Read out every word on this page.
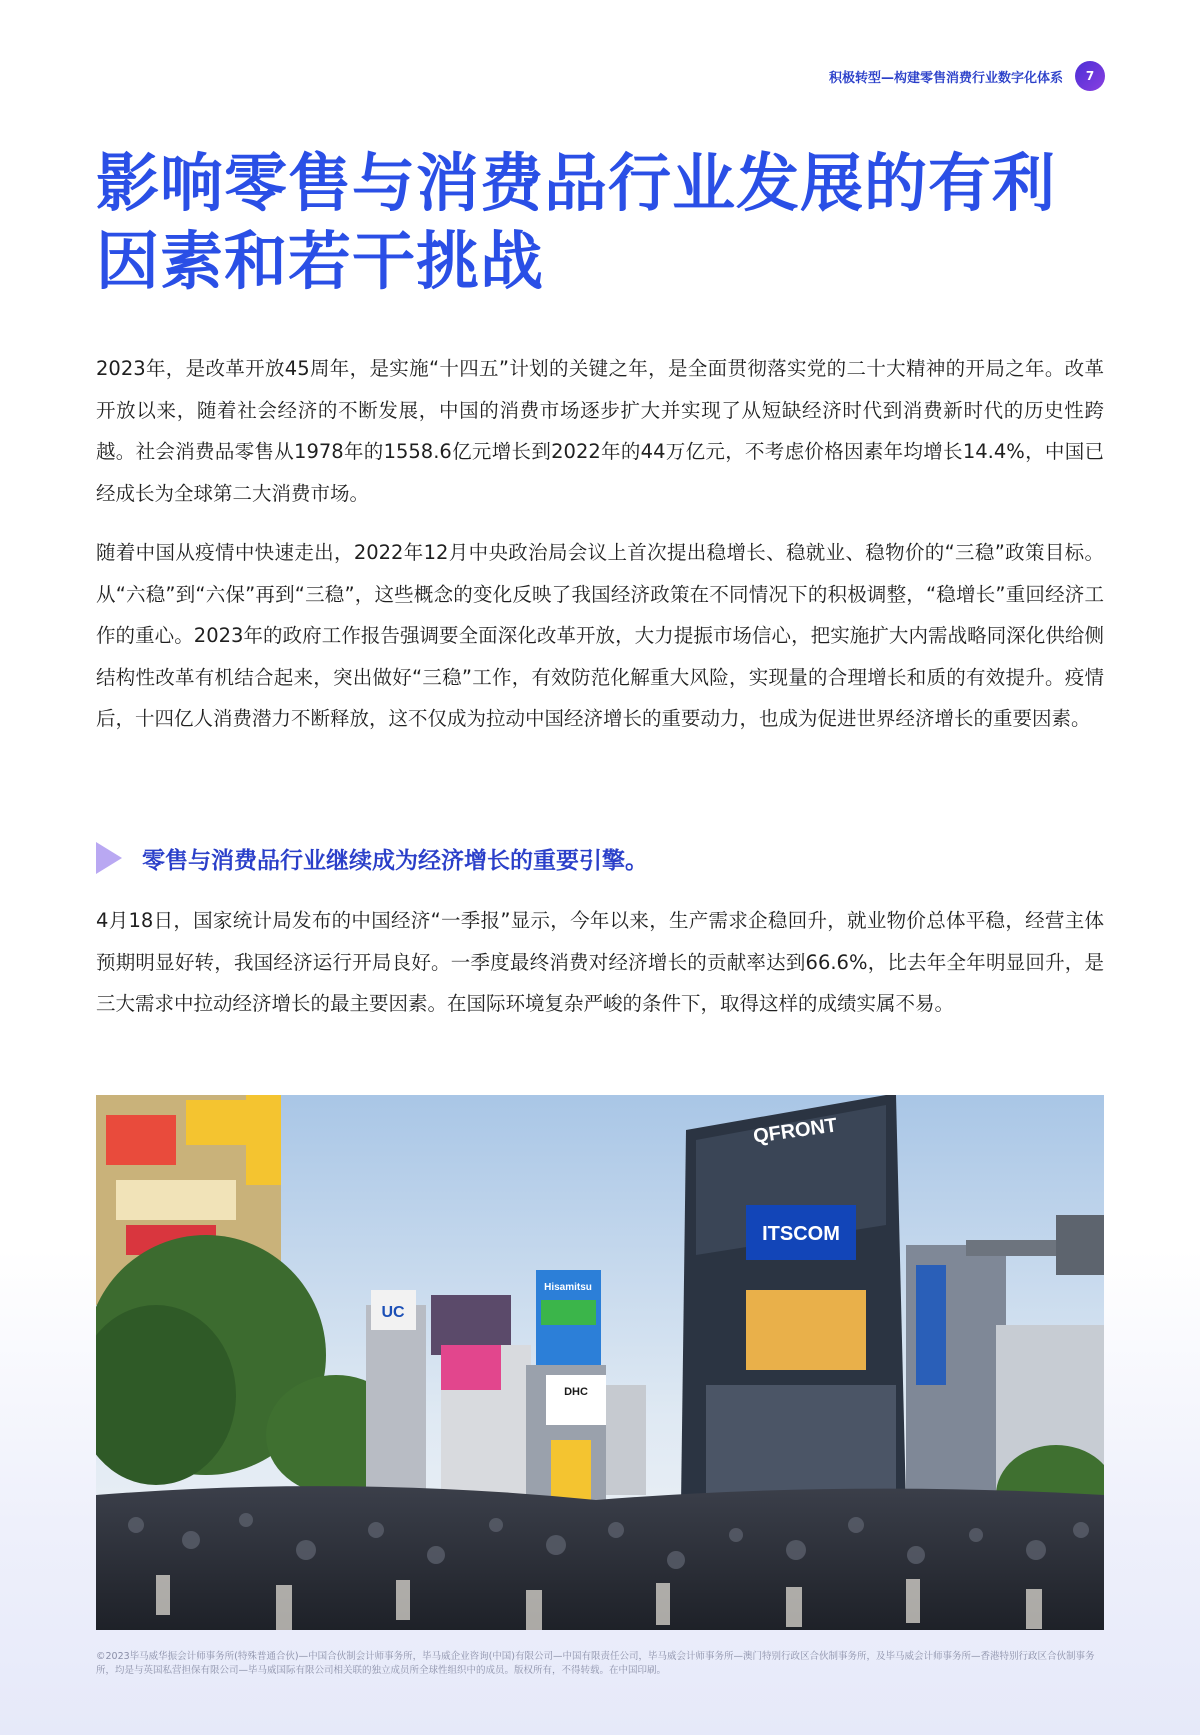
积极转型—构建零售消费行业数字化体系	7
影响零售与消费品行业发展的有利因素和若干挑战

2023年，是改革开放45周年，是实施“十四五”计划的关键之年，是全面贯彻落实党的二十大精神的开局之年。改革开放以来，随着社会经济的不断发展，中国的消费市场逐步扩大并实现了从短缺经济时代到消费新时代的历史性跨越。社会消费品零售从1978年的1558.6亿元增长到2022年的44万亿元，不考虑价格因素年均增长14.4%，中国已经成长为全球第二大消费市场。

随着中国从疫情中快速走出，2022年12月中央政治局会议上首次提出稳增长、稳就业、稳物价的“三稳”政策目标。从“六稳”到“六保”再到“三稳”，这些概念的变化反映了我国经济政策在不同情况下的积极调整，“稳增长”重回经济工作的重心。2023年的政府工作报告强调要全面深化改革开放，大力提振市场信心，把实施扩大内需战略同深化供给侧结构性改革有机结合起来，突出做好“三稳”工作，有效防范化解重大风险，实现量的合理增长和质的有效提升。疫情后，十四亿人消费潜力不断释放，这不仅成为拉动中国经济增长的重要动力，也成为促进世界经济增长的重要因素。

零售与消费品行业继续成为经济增长的重要引擎。

4月18日，国家统计局发布的中国经济“一季报”显示，今年以来，生产需求企稳回升，就业物价总体平稳，经营主体预期明显好转，我国经济运行开局良好。一季度最终消费对经济增长的贡献率达到66.6%，比去年全年明显回升，是三大需求中拉动经济增长的最主要因素。在国际环境复杂严峻的条件下，取得这样的成绩实属不易。

UC
Hisamitsu
DHC
QFRONT
ITSCOM

©2023毕马威华振会计师事务所(特殊普通合伙)—中国合伙制会计师事务所，毕马威企业咨询(中国)有限公司—中国有限责任公司，毕马威会计师事务所—澳门特别行政区合伙制事务所，及毕马威会计师事务所—香港特别行政区合伙制事务所，均是与英国私营担保有限公司—毕马威国际有限公司相关联的独立成员所全球性组织中的成员。版权所有，不得转载。在中国印刷。
